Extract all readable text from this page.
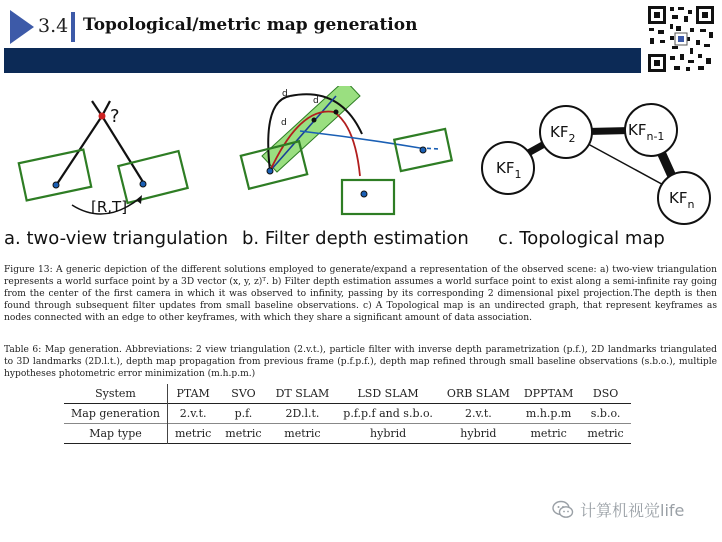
3.4 Topological/metric map generation
?
[R,T]
a. two-view triangulation
d
d
d
b. Filter depth estimation
$KF_1$
$KF_2$	$KF_{n-1}$
$KF_n$
c. Topological map
Figure 13: A generic depiction of the different solutions employed to generate/expand a representation of the observed scene: a) two-view triangulation represents a world surface point by a 3D vector (x, y, z)ᵀ. b) Filter depth estimation assumes a world surface point to exist along a semi-infinite ray going from the center of the first camera in which it was observed to infinity, passing by its corresponding 2 dimensional pixel projection.The depth is then found through subsequent filter updates from small baseline observations. c) A Topological map is an undirected graph, that represent keyframes as nodes connected with an edge to other keyframes, with which they share a significant amount of data association.
Table 6: Map generation. Abbreviations: 2 view triangulation (2.v.t.), particle filter with inverse depth parametrization (p.f.), 2D landmarks triangulated to 3D landmarks (2D.l.t.), depth map propagation from previous frame (p.f.p.f.), depth map refined through small baseline observations (s.b.o.), multiple hypotheses photometric error minimization (m.h.p.m.)
System	PTAM	SVO	DT SLAM	LSD SLAM	ORB SLAM	DPPTAM	DSO
Map generation	2.v.t.	p.f.	2D.l.t.	p.f.p.f and s.b.o.	2.v.t.	m.h.p.m	s.b.o.
Map type	metric	metric	metric	hybrid	hybrid	metric	metric
计算机视觉life
